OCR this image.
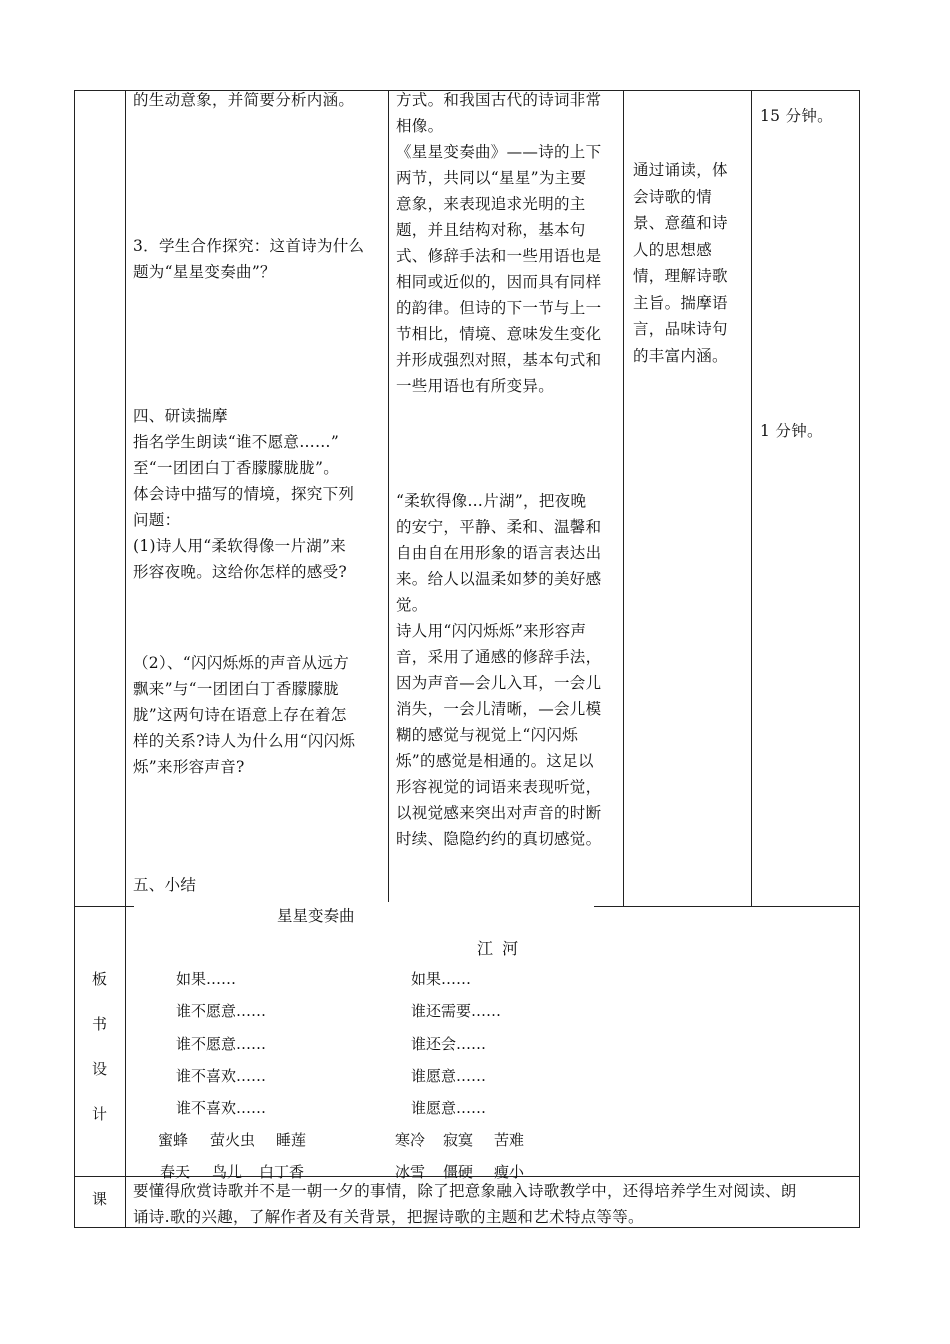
的生动意象，并简要分析内涵。
3．学生合作探究：这首诗为什么
题为“星星变奏曲”？
四、研读揣摩
指名学生朗读“谁不愿意……”
至“一团团白丁香朦朦胧胧”。
体会诗中描写的情境，探究下列
问题：
(1)诗人用“柔软得像一片湖”来
形容夜晚。这给你怎样的感受?
（2）、“闪闪烁烁的声音从远方
飘来”与“一团团白丁香朦朦胧
胧”这两句诗在语意上存在着怎
样的关系?诗人为什么用“闪闪烁
烁”来形容声音?
五、小结
方式。和我国古代的诗词非常
相像。
《星星变奏曲》——诗的上下
两节，共同以“星星”为主要
意象，来表现追求光明的主
题，并且结构对称，基本句
式、修辞手法和一些用语也是
相同或近似的，因而具有同样
的韵律。但诗的下一节与上一
节相比，情境、意味发生变化
并形成强烈对照，基本句式和
一些用语也有所变异。
“柔软得像…片湖”，把夜晚
的安宁，平静、柔和、温馨和
自由自在用形象的语言表达出
来。给人以温柔如梦的美好感
觉。
诗人用“闪闪烁烁”来形容声
音，采用了通感的修辞手法，
因为声音—会儿入耳，一会儿
消失，一会儿清晰，—会儿模
糊的感觉与视觉上“闪闪烁
烁”的感觉是相通的。这足以
形容视觉的词语来表现听觉，
以视觉感来突出对声音的时断
时续、隐隐约约的真切感觉。
通过诵读，体
会诗歌的情
景、意蕴和诗
人的思想感
情，理解诗歌
主旨。揣摩语
言，品味诗句
的丰富内涵。
15 分钟。
1 分钟。
板
书
设
计
星星变奏曲
江 河
如果……
谁不愿意……
谁不愿意……
谁不喜欢……
谁不喜欢……
如果……
谁还需要……
谁还会……
谁愿意……
谁愿意……
蜜蜂 萤火虫 睡莲	寒冷 寂寞 苦难
春天 鸟儿 白丁香	冰雪 僵硬 瘦小
课 要懂得欣赏诗歌并不是一朝一夕的事情，除了把意象融入诗歌教学中，还得培养学生对阅读、朗
诵诗.歌的兴趣，了解作者及有关背景，把握诗歌的主题和艺术特点等等。
